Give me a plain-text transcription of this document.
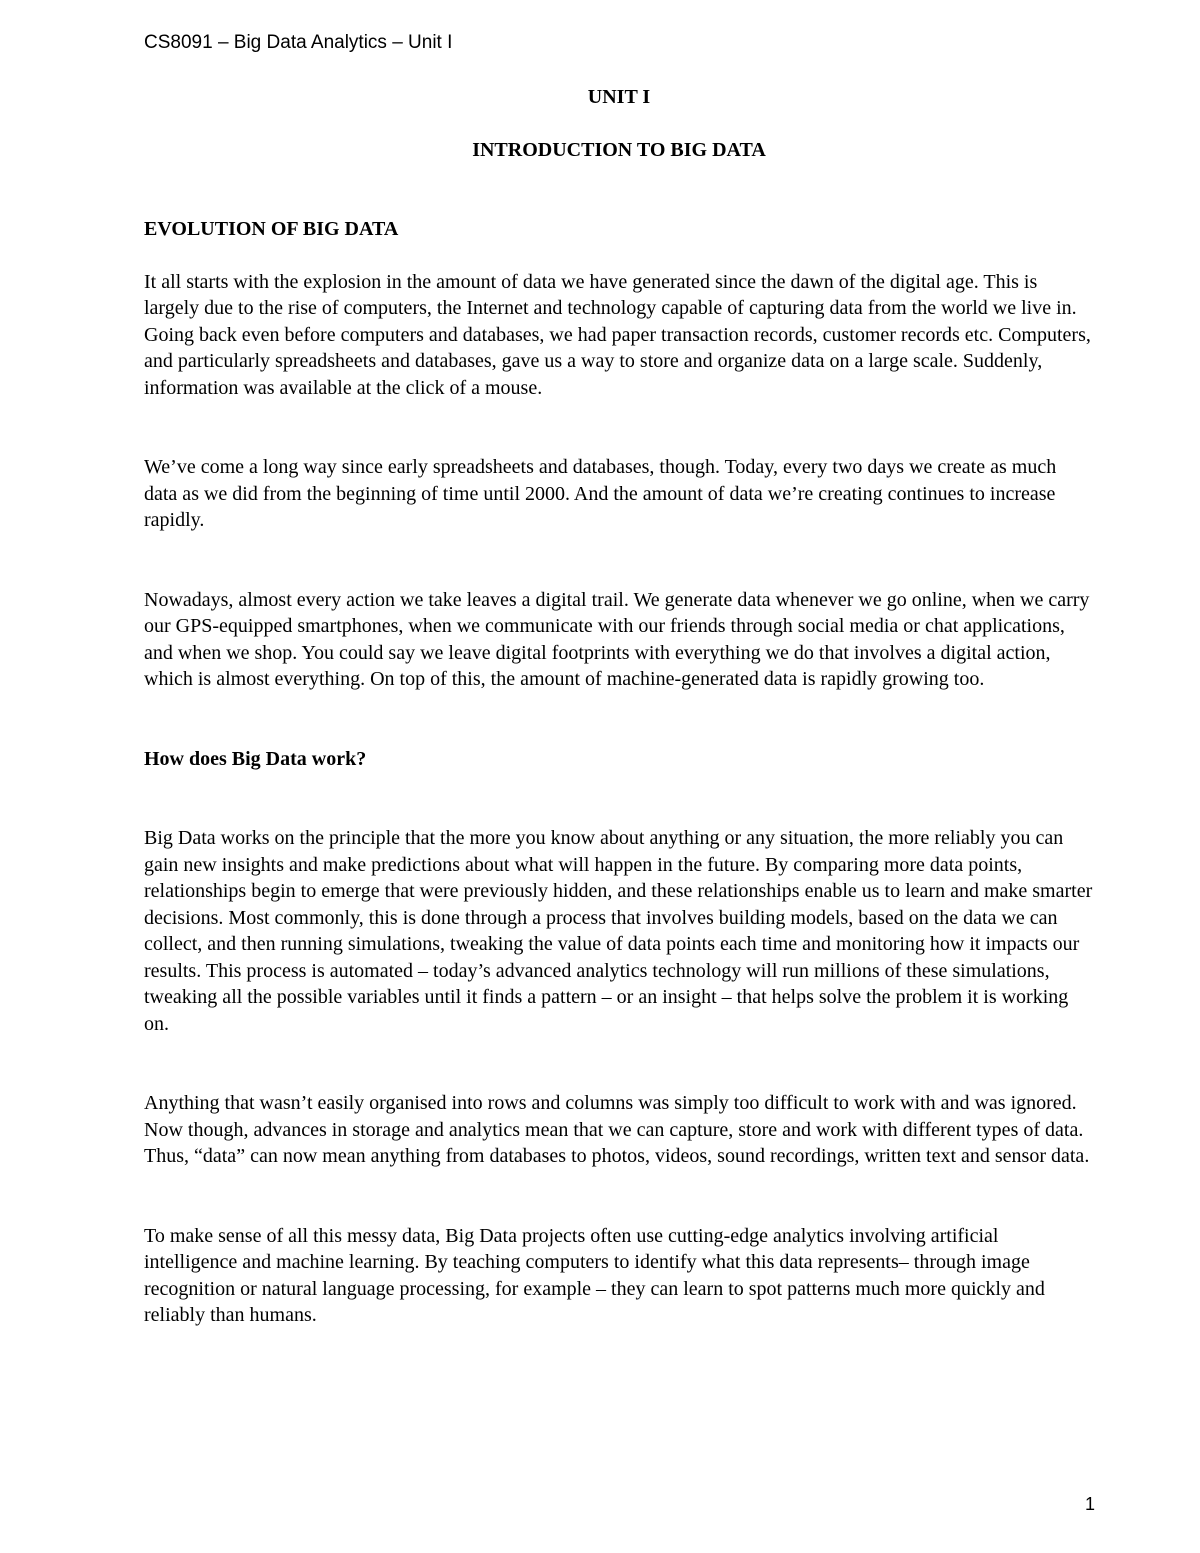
CS8091 – Big Data Analytics – Unit I

UNIT I

INTRODUCTION TO BIG DATA

EVOLUTION OF BIG DATA

It all starts with the explosion in the amount of data we have generated since the dawn of the digital age. This is largely due to the rise of computers, the Internet and technology capable of capturing data from the world we live in. Going back even before computers and databases, we had paper transaction records, customer records etc. Computers, and particularly spreadsheets and databases, gave us a way to store and organize data on a large scale. Suddenly, information was available at the click of a mouse.

We’ve come a long way since early spreadsheets and databases, though. Today, every two days we create as much data as we did from the beginning of time until 2000. And the amount of data we’re creating continues to increase rapidly.

Nowadays, almost every action we take leaves a digital trail. We generate data whenever we go online, when we carry our GPS-equipped smartphones, when we communicate with our friends through social media or chat applications, and when we shop. You could say we leave digital footprints with everything we do that involves a digital action, which is almost everything. On top of this, the amount of machine-generated data is rapidly growing too.

How does Big Data work?

Big Data works on the principle that the more you know about anything or any situation, the more reliably you can gain new insights and make predictions about what will happen in the future. By comparing more data points, relationships begin to emerge that were previously hidden, and these relationships enable us to learn and make smarter decisions. Most commonly, this is done through a process that involves building models, based on the data we can collect, and then running simulations, tweaking the value of data points each time and monitoring how it impacts our results. This process is automated – today’s advanced analytics technology will run millions of these simulations, tweaking all the possible variables until it finds a pattern – or an insight – that helps solve the problem it is working on.

Anything that wasn’t easily organised into rows and columns was simply too difficult to work with and was ignored. Now though, advances in storage and analytics mean that we can capture, store and work with different types of data. Thus, “data” can now mean anything from databases to photos, videos, sound recordings, written text and sensor data.

To make sense of all this messy data, Big Data projects often use cutting-edge analytics involving artificial intelligence and machine learning. By teaching computers to identify what this data represents– through image recognition or natural language processing, for example – they can learn to spot patterns much more quickly and reliably than humans.

1
